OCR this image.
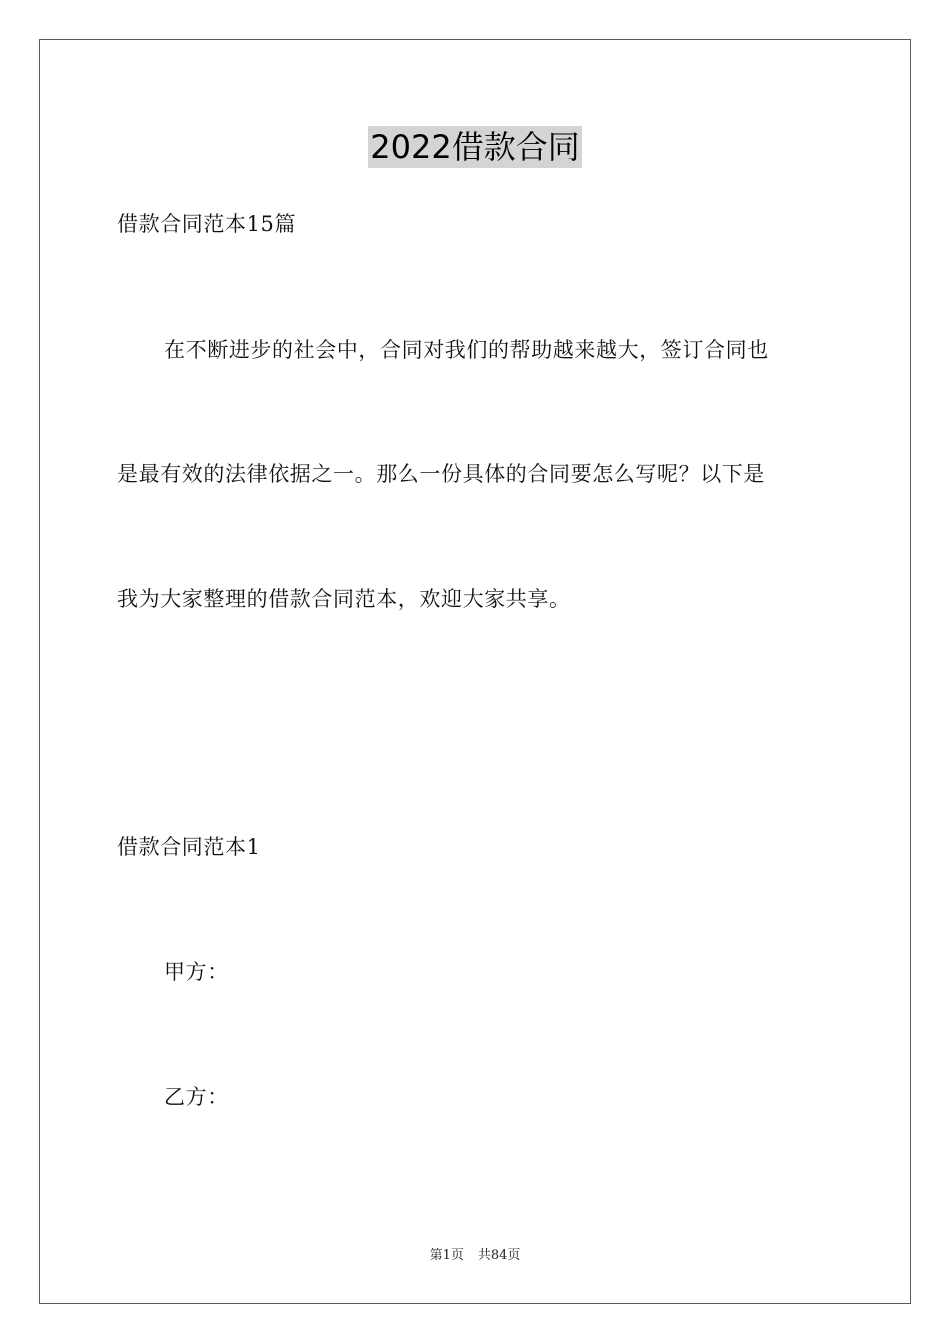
2022借款合同
借款合同范本15篇
在不断进步的社会中，合同对我们的帮助越来越大，签订合同也
是最有效的法律依据之一。那么一份具体的合同要怎么写呢？以下是
我为大家整理的借款合同范本，欢迎大家共享。
借款合同范本1
甲方：
乙方：
第1页 共84页
